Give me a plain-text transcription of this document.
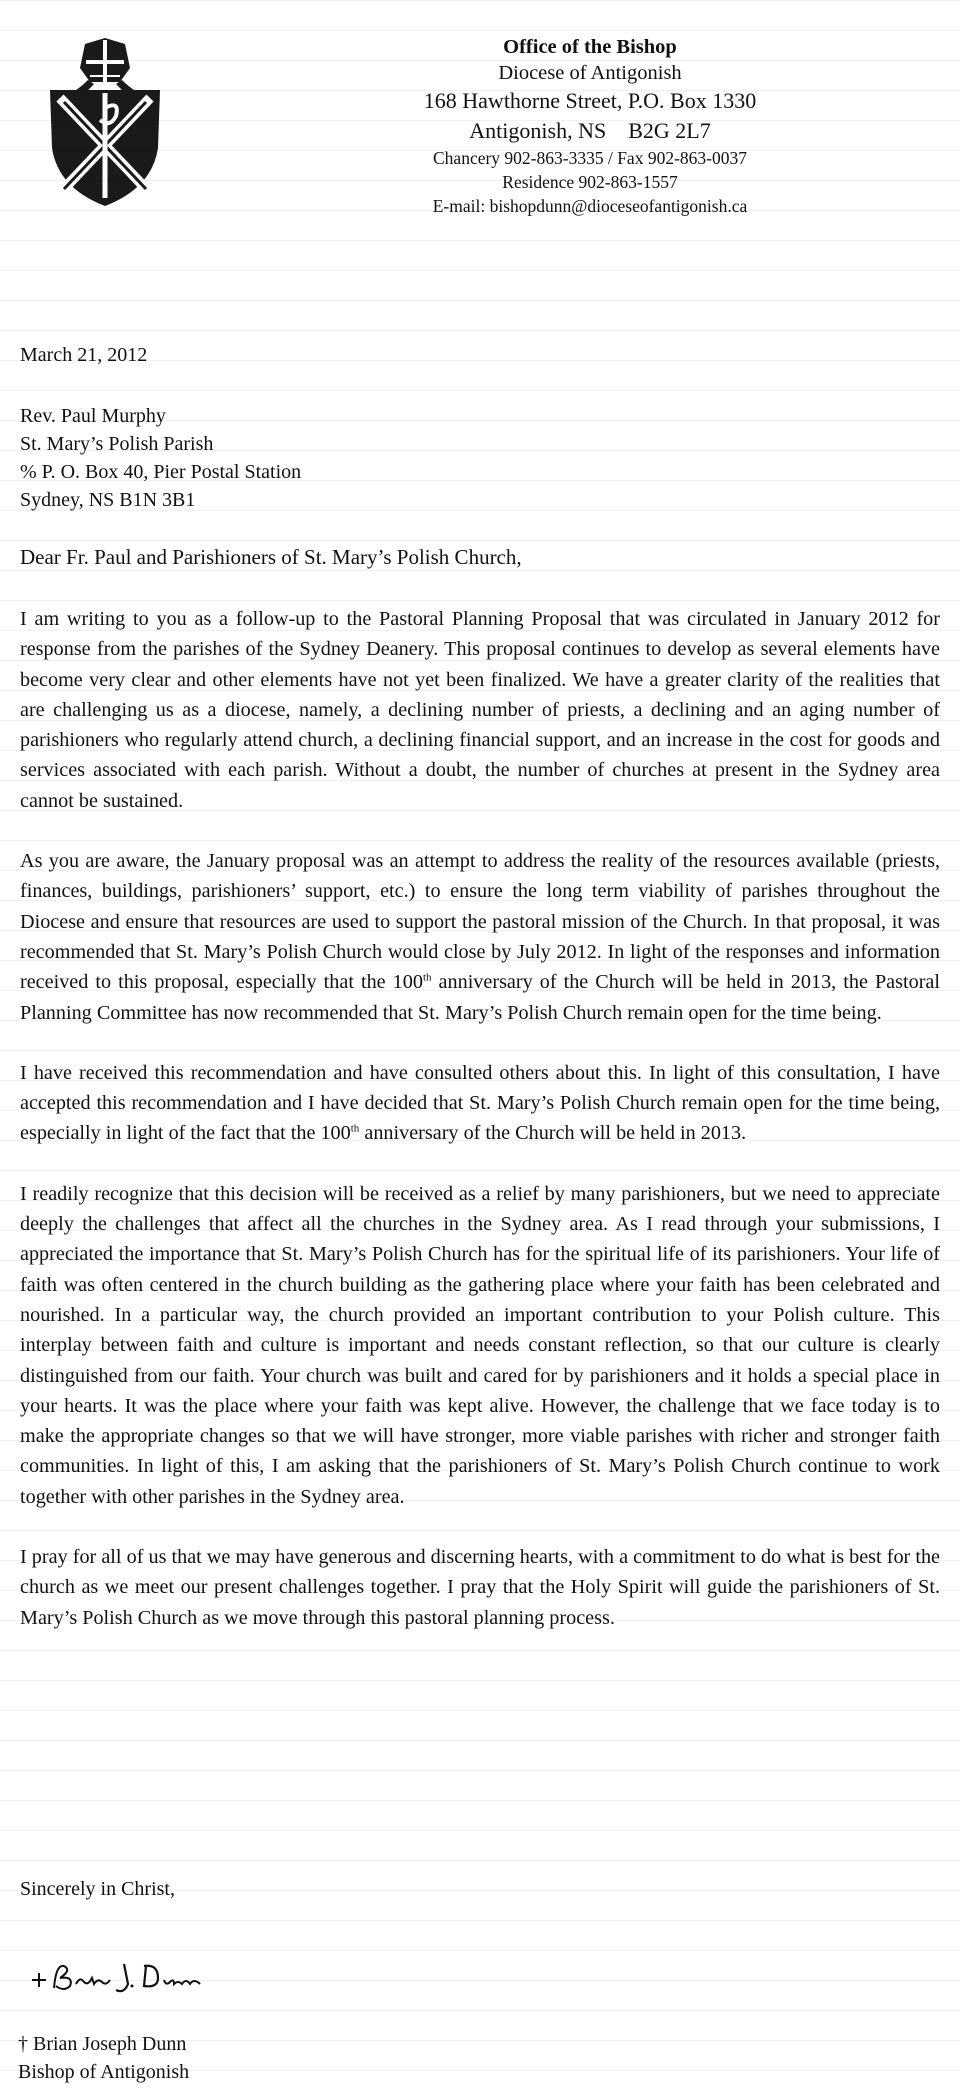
Office of the Bishop
Diocese of Antigonish
168 Hawthorne Street, P.O. Box 1330
Antigonish, NS    B2G 2L7
Chancery 902-863-3335 / Fax 902-863-0037
Residence 902-863-1557
E-mail: bishopdunn@dioceseofantigonish.ca
March 21, 2012
Rev. Paul Murphy
St. Mary’s Polish Parish
% P. O. Box 40, Pier Postal Station
Sydney, NS B1N 3B1
Dear Fr. Paul and Parishioners of St. Mary’s Polish Church,

I am writing to you as a follow-up to the Pastoral Planning Proposal that was circulated in January 2012 for response from the parishes of the Sydney Deanery. This proposal continues to develop as several elements have become very clear and other elements have not yet been finalized. We have a greater clarity of the realities that are challenging us as a diocese, namely, a declining number of priests, a declining and an aging number of parishioners who regularly attend church, a declining financial support, and an increase in the cost for goods and services associated with each parish. Without a doubt, the number of churches at present in the Sydney area cannot be sustained.

As you are aware, the January proposal was an attempt to address the reality of the resources available (priests, finances, buildings, parishioners’ support, etc.) to ensure the long term viability of parishes throughout the Diocese and ensure that resources are used to support the pastoral mission of the Church. In that proposal, it was recommended that St. Mary’s Polish Church would close by July 2012. In light of the responses and information received to this proposal, especially that the 100th anniversary of the Church will be held in 2013, the Pastoral Planning Committee has now recommended that St. Mary’s Polish Church remain open for the time being.

I have received this recommendation and have consulted others about this. In light of this consultation, I have accepted this recommendation and I have decided that St. Mary’s Polish Church remain open for the time being, especially in light of the fact that the 100th anniversary of the Church will be held in 2013.

I readily recognize that this decision will be received as a relief by many parishioners, but we need to appreciate deeply the challenges that affect all the churches in the Sydney area. As I read through your submissions, I appreciated the importance that St. Mary’s Polish Church has for the spiritual life of its parishioners. Your life of faith was often centered in the church building as the gathering place where your faith has been celebrated and nourished. In a particular way, the church provided an important contribution to your Polish culture. This interplay between faith and culture is important and needs constant reflection, so that our culture is clearly distinguished from our faith. Your church was built and cared for by parishioners and it holds a special place in your hearts. It was the place where your faith was kept alive. However, the challenge that we face today is to make the appropriate changes so that we will have stronger, more viable parishes with richer and stronger faith communities. In light of this, I am asking that the parishioners of St. Mary’s Polish Church continue to work together with other parishes in the Sydney area.

I pray for all of us that we may have generous and discerning hearts, with a commitment to do what is best for the church as we meet our present challenges together. I pray that the Holy Spirit will guide the parishioners of St. Mary’s Polish Church as we move through this pastoral planning process.

Sincerely in Christ,
† Brian Joseph Dunn
Bishop of Antigonish
